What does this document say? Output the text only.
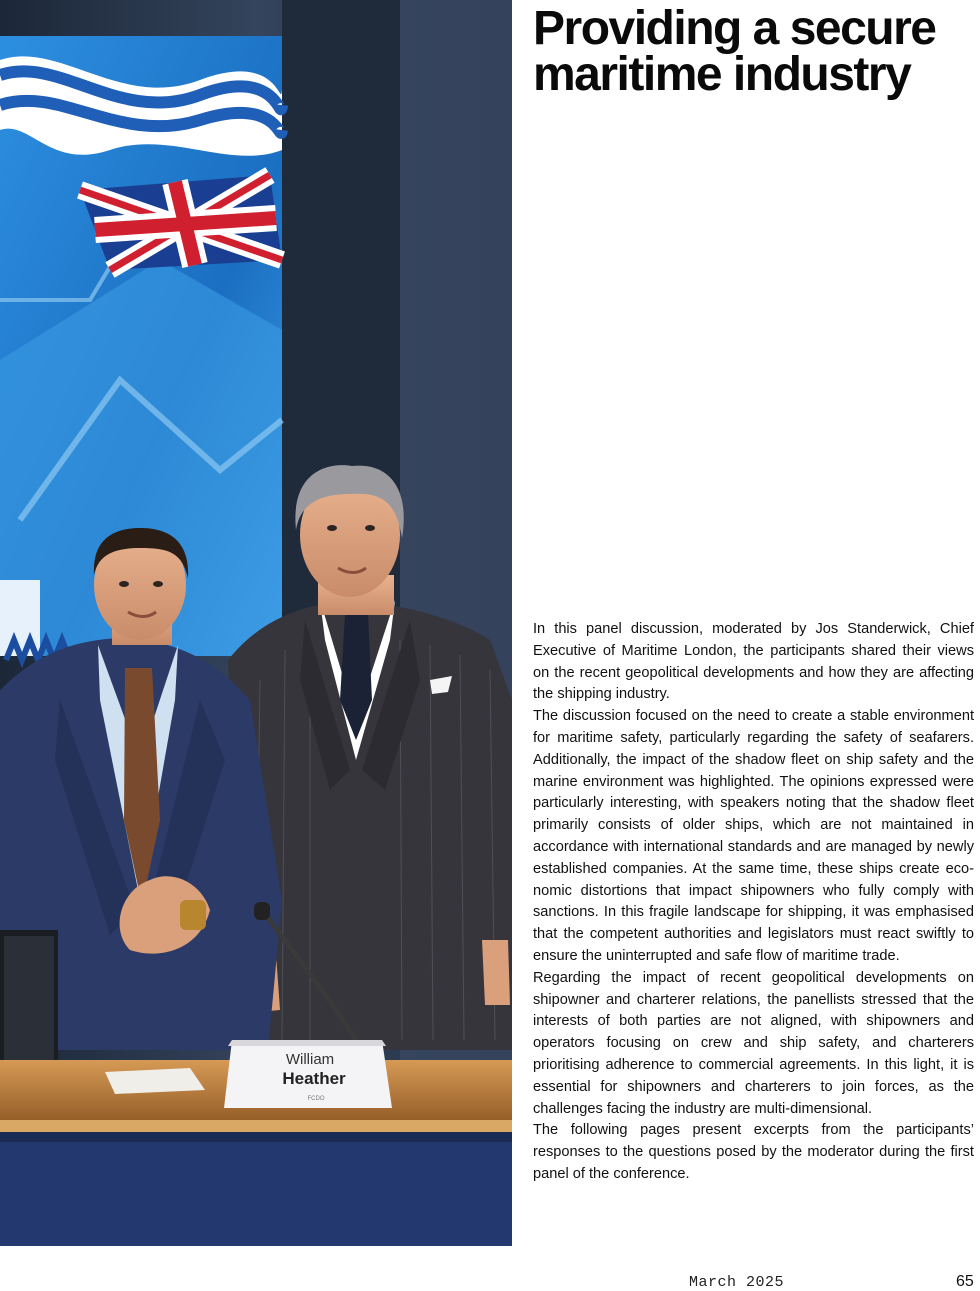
William
Heather
FCDO
Providing a secure
maritime industry

In this panel discussion, moderated by Jos Standerwick, Chief Executive of Maritime London, the participants shared their views on the recent geopolitical developments and how they are affecting the shipping industry.

The discussion focused on the need to create a stable environment for maritime safety, particularly regarding the safety of seafarers. Additionally, the impact of the shadow fleet on ship safety and the marine environment was highlighted. The opinions expressed were particularly interesting, with speakers noting that the shadow fleet primarily consists of older ships, which are not maintained in accordance with international standards and are managed by newly established companies. At the same time, these ships create economic distortions that impact shipowners who fully comply with sanctions. In this fragile landscape for shipping, it was emphasised that the competent authorities and legislators must react swiftly to ensure the uninterrupted and safe flow of maritime trade.

Regarding the impact of recent geopolitical developments on shipowner and charterer relations, the panellists stressed that the interests of both parties are not aligned, with shipowners and operators focusing on crew and ship safety, and charterers prioritising adherence to commercial agreements. In this light, it is essential for shipowners and charterers to join forces, as the challenges facing the industry are multi-dimensional.

The following pages present excerpts from the participants’ responses to the questions posed by the moderator during the first panel of the conference.

March 2025	65
